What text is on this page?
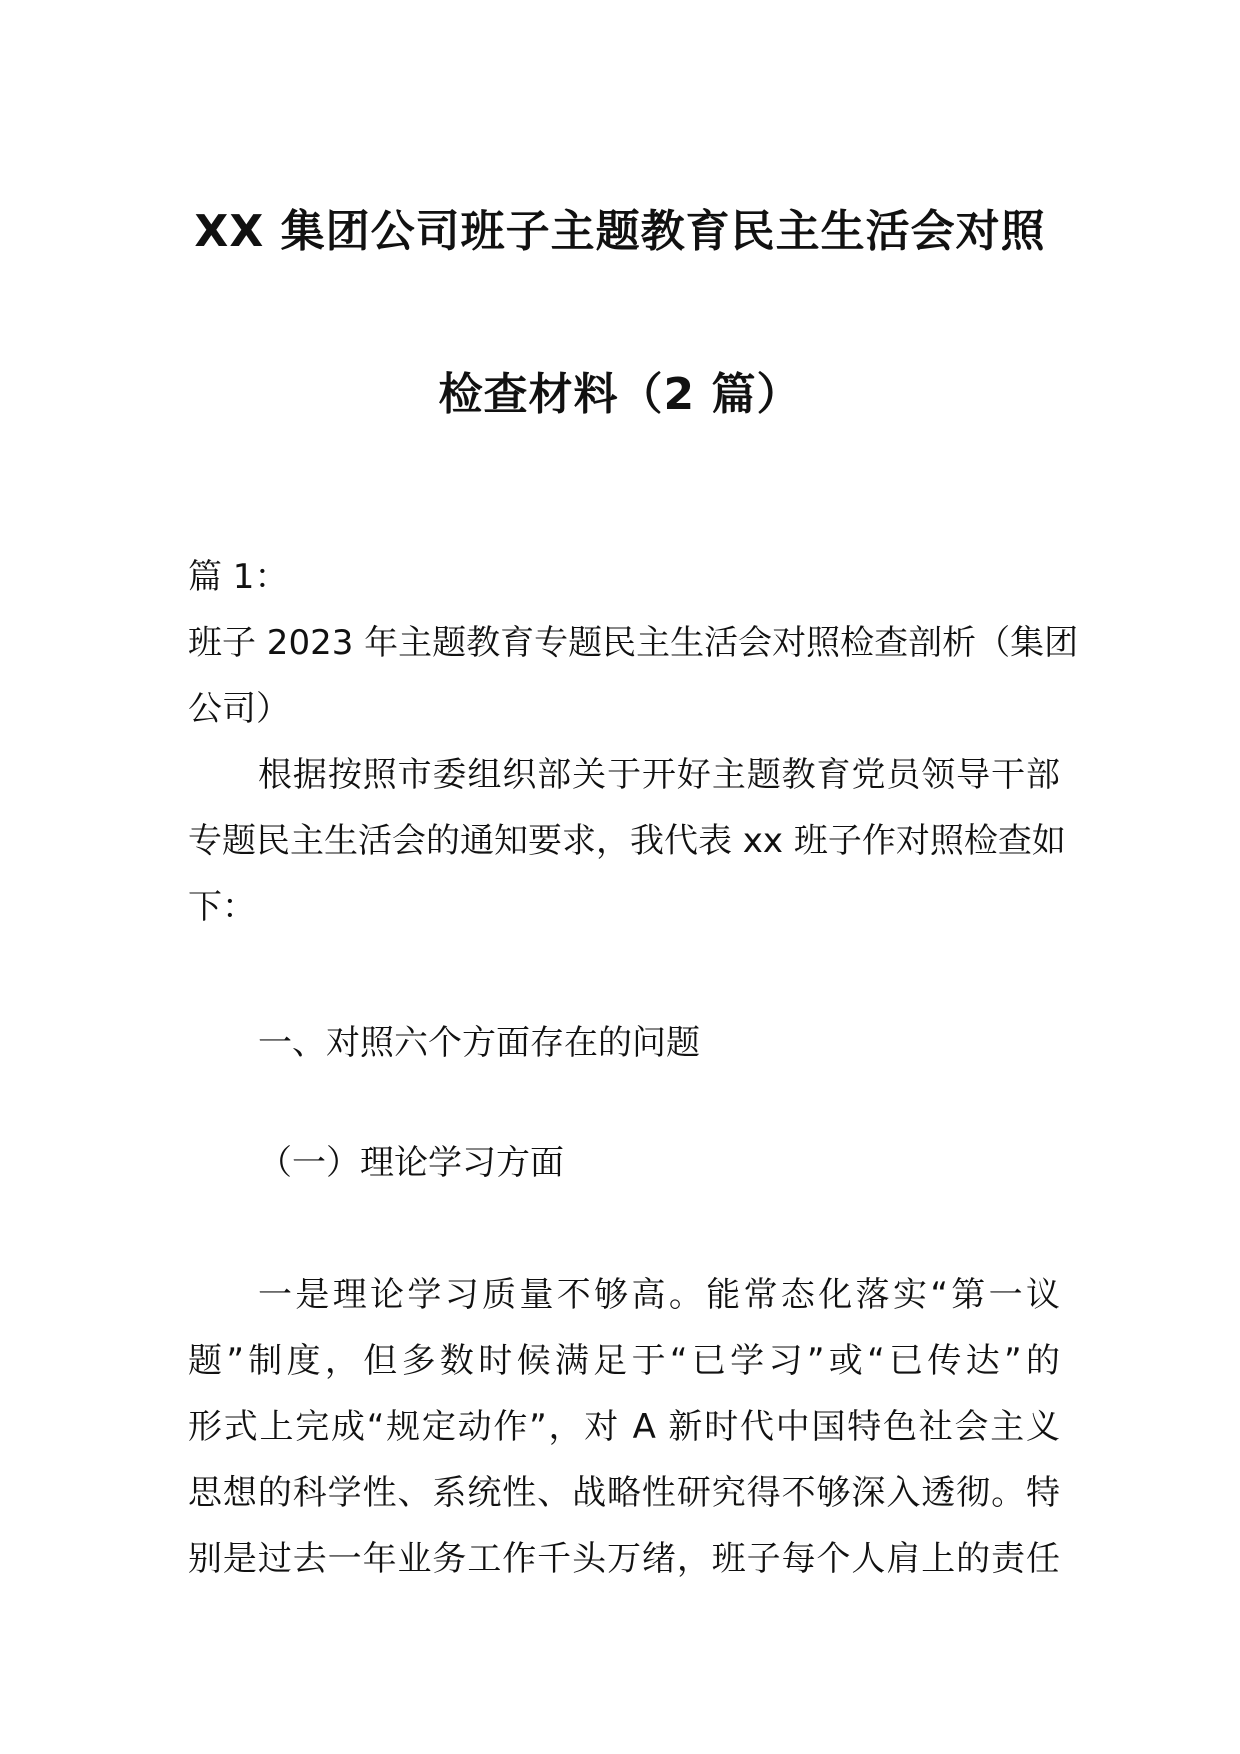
XX 集团公司班子主题教育民主生活会对照
检查材料（2 篇）
篇 1：
班子 2023 年主题教育专题民主生活会对照检查剖析（集团
公司）
根据按照市委组织部关于开好主题教育党员领导干部
专题民主生活会的通知要求，我代表 xx 班子作对照检查如
下：
一、对照六个方面存在的问题
（一）理论学习方面
一是理论学习质量不够高。能常态化落实“第一议
题”制度，但多数时候满足于“已学习”或“已传达”的
形式上完成“规定动作”，对 A 新时代中国特色社会主义
思想的科学性、系统性、战略性研究得不够深入透彻。特
别是过去一年业务工作千头万绪，班子每个人肩上的责任
